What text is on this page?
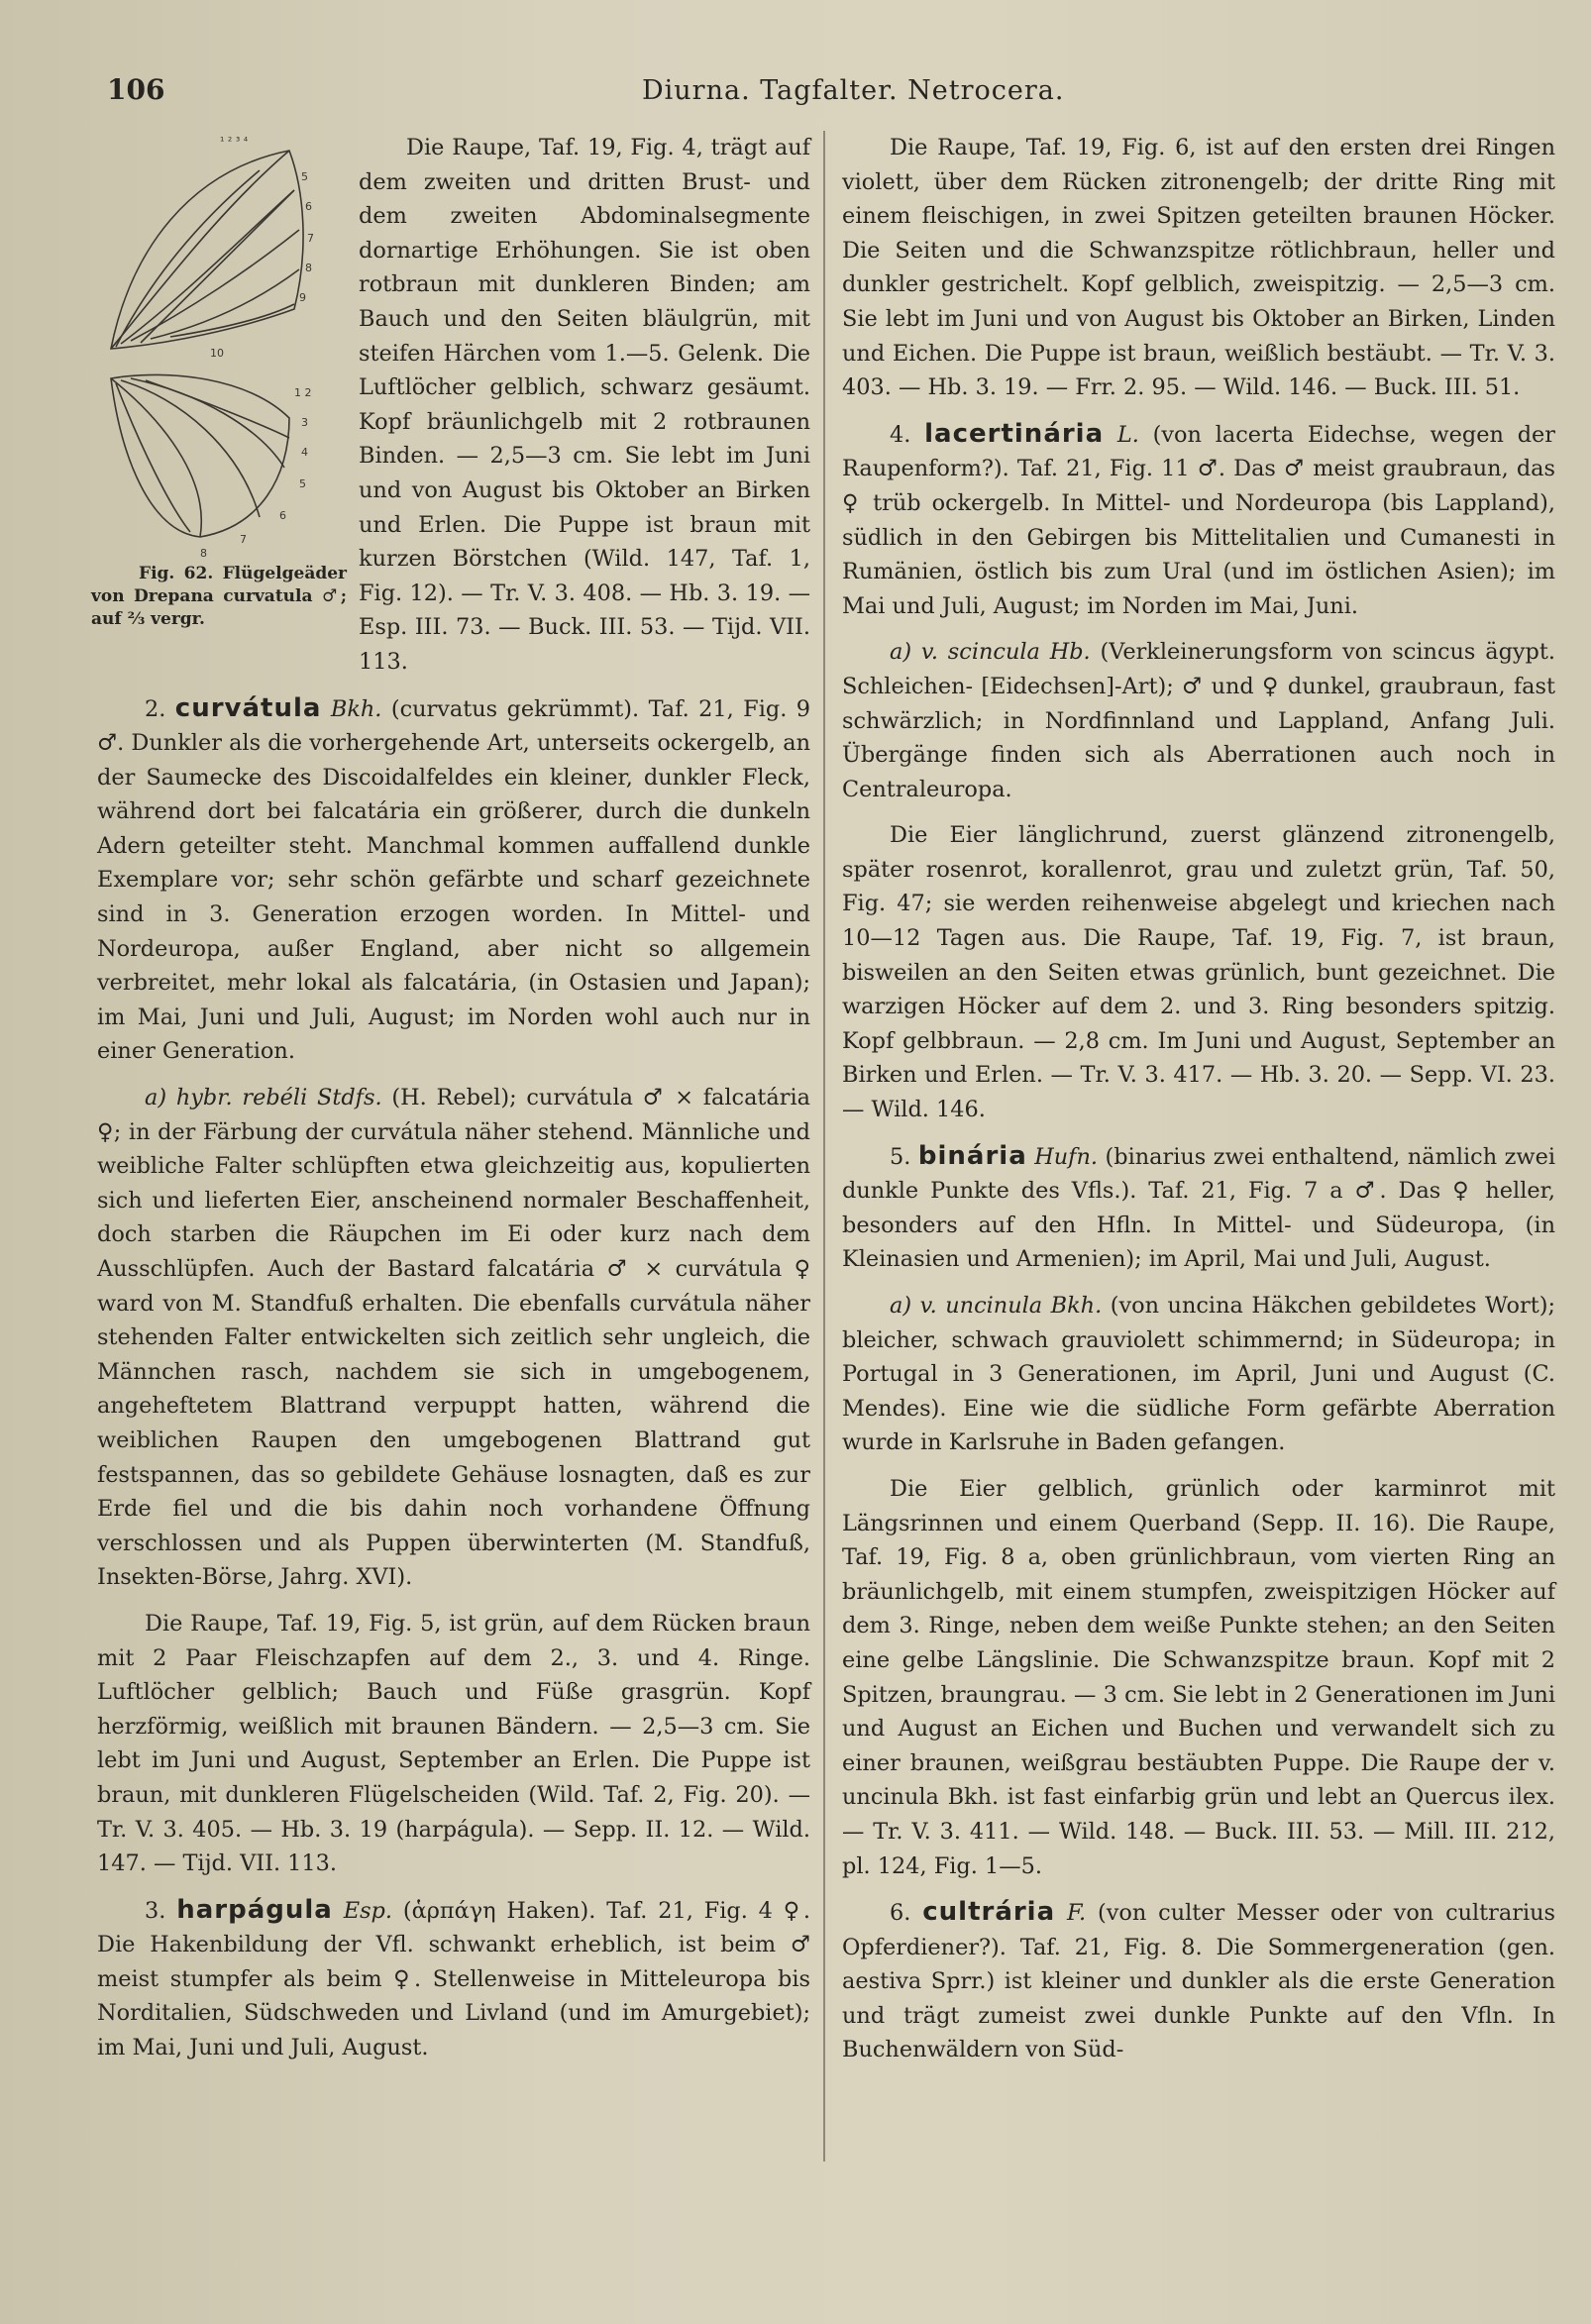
106	Diurna. Tagfalter. Netrocera.

¹ ² ³ ⁴
5
6
7
8
9
10
1 2
3
4
5
6
7
8
Fig. 62. Flügelgeäder von Drepana curvatula ♂; auf ⅔ vergr.
Die Raupe, Taf. 19, Fig. 4, trägt auf dem zweiten und dritten Brust- und dem zweiten Abdominalsegmente dornartige Erhöhungen. Sie ist oben rotbraun mit dunkleren Binden; am Bauch und den Seiten bläulgrün, mit steifen Härchen vom 1.—5. Gelenk. Die Luftlöcher gelblich, schwarz gesäumt. Kopf bräunlichgelb mit 2 rotbraunen Binden. — 2,5—3 cm. Sie lebt im Juni und von August bis Oktober an Birken und Erlen. Die Puppe ist braun mit kurzen Börstchen (Wild. 147, Taf. 1, Fig. 12). — Tr. V. 3. 408. — Hb. 3. 19. — Esp. III. 73. — Buck. III. 53. — Tijd. VII. 113.

2. curvátula Bkh. (curvatus gekrümmt). Taf. 21, Fig. 9 ♂. Dunkler als die vorhergehende Art, unterseits ockergelb, an der Saumecke des Discoidalfeldes ein kleiner, dunkler Fleck, während dort bei falcatária ein größerer, durch die dunkeln Adern geteilter steht. Manchmal kommen auffallend dunkle Exemplare vor; sehr schön gefärbte und scharf gezeichnete sind in 3. Generation erzogen worden. In Mittel- und Nordeuropa, außer England, aber nicht so allgemein verbreitet, mehr lokal als falcatária, (in Ostasien und Japan); im Mai, Juni und Juli, August; im Norden wohl auch nur in einer Generation.

a) hybr. rebéli Stdfs. (H. Rebel); curvátula ♂ × falcatária ♀; in der Färbung der curvátula näher stehend. Männliche und weibliche Falter schlüpften etwa gleichzeitig aus, kopulierten sich und lieferten Eier, anscheinend normaler Beschaffenheit, doch starben die Räupchen im Ei oder kurz nach dem Ausschlüpfen. Auch der Bastard falcatária ♂ × curvátula ♀ ward von M. Standfuß erhalten. Die ebenfalls curvátula näher stehenden Falter entwickelten sich zeitlich sehr ungleich, die Männchen rasch, nachdem sie sich in umgebogenem, angeheftetem Blattrand verpuppt hatten, während die weiblichen Raupen den umgebogenen Blattrand gut festspannen, das so gebildete Gehäuse losnagten, daß es zur Erde fiel und die bis dahin noch vorhandene Öffnung verschlossen und als Puppen überwinterten (M. Standfuß, Insekten-Börse, Jahrg. XVI).

Die Raupe, Taf. 19, Fig. 5, ist grün, auf dem Rücken braun mit 2 Paar Fleischzapfen auf dem 2., 3. und 4. Ringe. Luftlöcher gelblich; Bauch und Füße grasgrün. Kopf herzförmig, weißlich mit braunen Bändern. — 2,5—3 cm. Sie lebt im Juni und August, September an Erlen. Die Puppe ist braun, mit dunkleren Flügelscheiden (Wild. Taf. 2, Fig. 20). — Tr. V. 3. 405. — Hb. 3. 19 (harpágula). — Sepp. II. 12. — Wild. 147. — Tijd. VII. 113.

3. harpágula Esp. (ἁρπάγη Haken). Taf. 21, Fig. 4 ♀. Die Hakenbildung der Vfl. schwankt erheblich, ist beim ♂ meist stumpfer als beim ♀. Stellenweise in Mitteleuropa bis Norditalien, Südschweden und Livland (und im Amurgebiet); im Mai, Juni und Juli, August.

Die Raupe, Taf. 19, Fig. 6, ist auf den ersten drei Ringen violett, über dem Rücken zitronengelb; der dritte Ring mit einem fleischigen, in zwei Spitzen geteilten braunen Höcker. Die Seiten und die Schwanzspitze rötlichbraun, heller und dunkler gestrichelt. Kopf gelblich, zweispitzig. — 2,5—3 cm. Sie lebt im Juni und von August bis Oktober an Birken, Linden und Eichen. Die Puppe ist braun, weißlich bestäubt. — Tr. V. 3. 403. — Hb. 3. 19. — Frr. 2. 95. — Wild. 146. — Buck. III. 51.

4. lacertinária L. (von lacerta Eidechse, wegen der Raupenform?). Taf. 21, Fig. 11 ♂. Das ♂ meist graubraun, das ♀ trüb ockergelb. In Mittel- und Nordeuropa (bis Lappland), südlich in den Gebirgen bis Mittelitalien und Cumanesti in Rumänien, östlich bis zum Ural (und im östlichen Asien); im Mai und Juli, August; im Norden im Mai, Juni.

a) v. scincula Hb. (Verkleinerungsform von scincus ägypt. Schleichen- [Eidechsen]-Art); ♂ und ♀ dunkel, graubraun, fast schwärzlich; in Nordfinnland und Lappland, Anfang Juli. Übergänge finden sich als Aberrationen auch noch in Centraleuropa.

Die Eier länglichrund, zuerst glänzend zitronengelb, später rosenrot, korallenrot, grau und zuletzt grün, Taf. 50, Fig. 47; sie werden reihenweise abgelegt und kriechen nach 10—12 Tagen aus. Die Raupe, Taf. 19, Fig. 7, ist braun, bisweilen an den Seiten etwas grünlich, bunt gezeichnet. Die warzigen Höcker auf dem 2. und 3. Ring besonders spitzig. Kopf gelbbraun. — 2,8 cm. Im Juni und August, September an Birken und Erlen. — Tr. V. 3. 417. — Hb. 3. 20. — Sepp. VI. 23. — Wild. 146.

5. binária Hufn. (binarius zwei enthaltend, nämlich zwei dunkle Punkte des Vfls.). Taf. 21, Fig. 7 a ♂. Das ♀ heller, besonders auf den Hfln. In Mittel- und Südeuropa, (in Kleinasien und Armenien); im April, Mai und Juli, August.

a) v. uncinula Bkh. (von uncina Häkchen gebildetes Wort); bleicher, schwach grauviolett schimmernd; in Südeuropa; in Portugal in 3 Generationen, im April, Juni und August (C. Mendes). Eine wie die südliche Form gefärbte Aberration wurde in Karlsruhe in Baden gefangen.

Die Eier gelblich, grünlich oder karminrot mit Längsrinnen und einem Querband (Sepp. II. 16). Die Raupe, Taf. 19, Fig. 8 a, oben grünlichbraun, vom vierten Ring an bräunlichgelb, mit einem stumpfen, zweispitzigen Höcker auf dem 3. Ringe, neben dem weiße Punkte stehen; an den Seiten eine gelbe Längslinie. Die Schwanzspitze braun. Kopf mit 2 Spitzen, braungrau. — 3 cm. Sie lebt in 2 Generationen im Juni und August an Eichen und Buchen und verwandelt sich zu einer braunen, weißgrau bestäubten Puppe. Die Raupe der v. uncinula Bkh. ist fast einfarbig grün und lebt an Quercus ilex. — Tr. V. 3. 411. — Wild. 148. — Buck. III. 53. — Mill. III. 212, pl. 124, Fig. 1—5.

6. cultrária F. (von culter Messer oder von cultrarius Opferdiener?). Taf. 21, Fig. 8. Die Sommergeneration (gen. aestiva Sprr.) ist kleiner und dunkler als die erste Generation und trägt zumeist zwei dunkle Punkte auf den Vfln. In Buchenwäldern von Süd-
